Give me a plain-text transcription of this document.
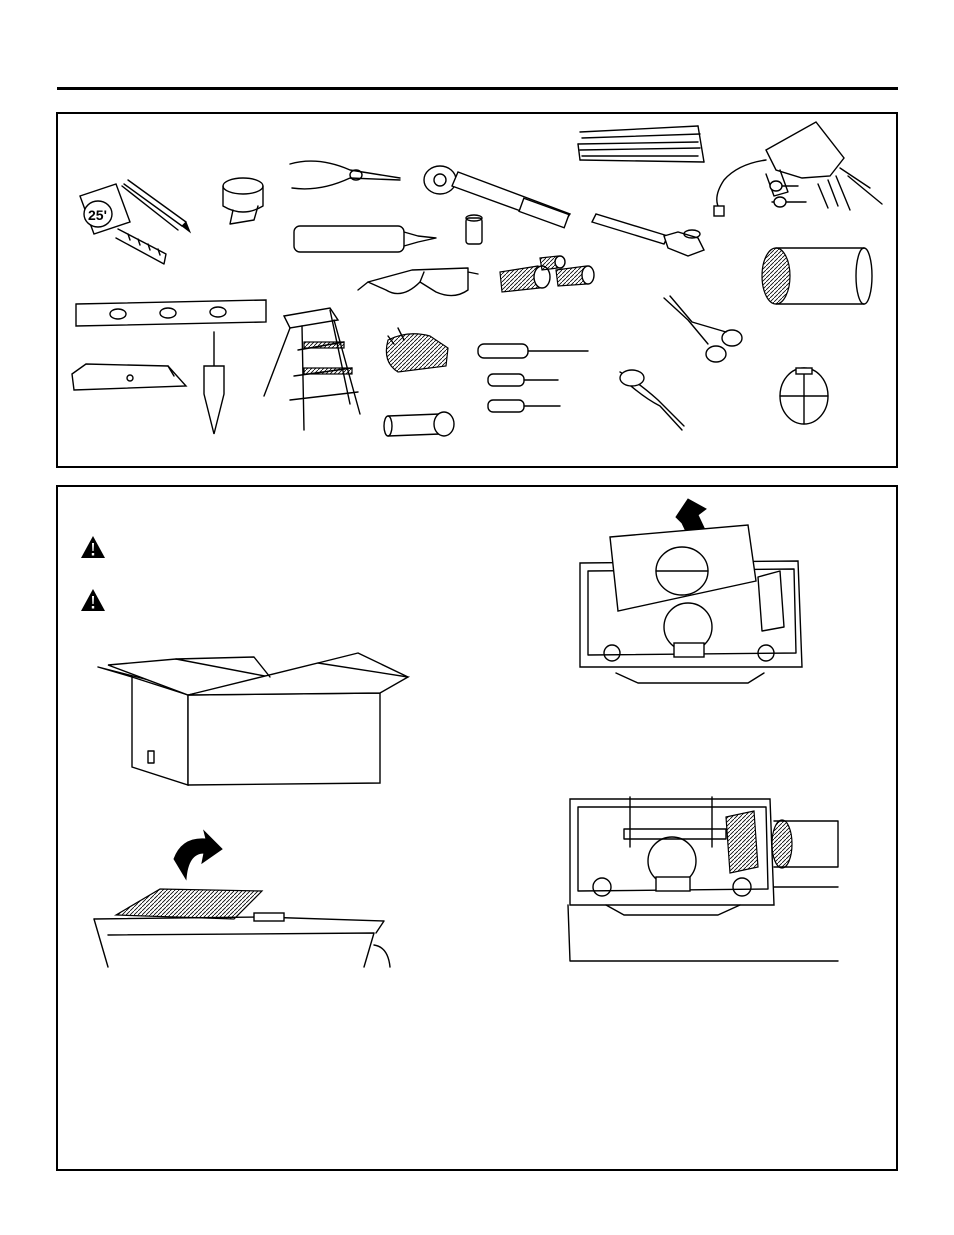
25'
